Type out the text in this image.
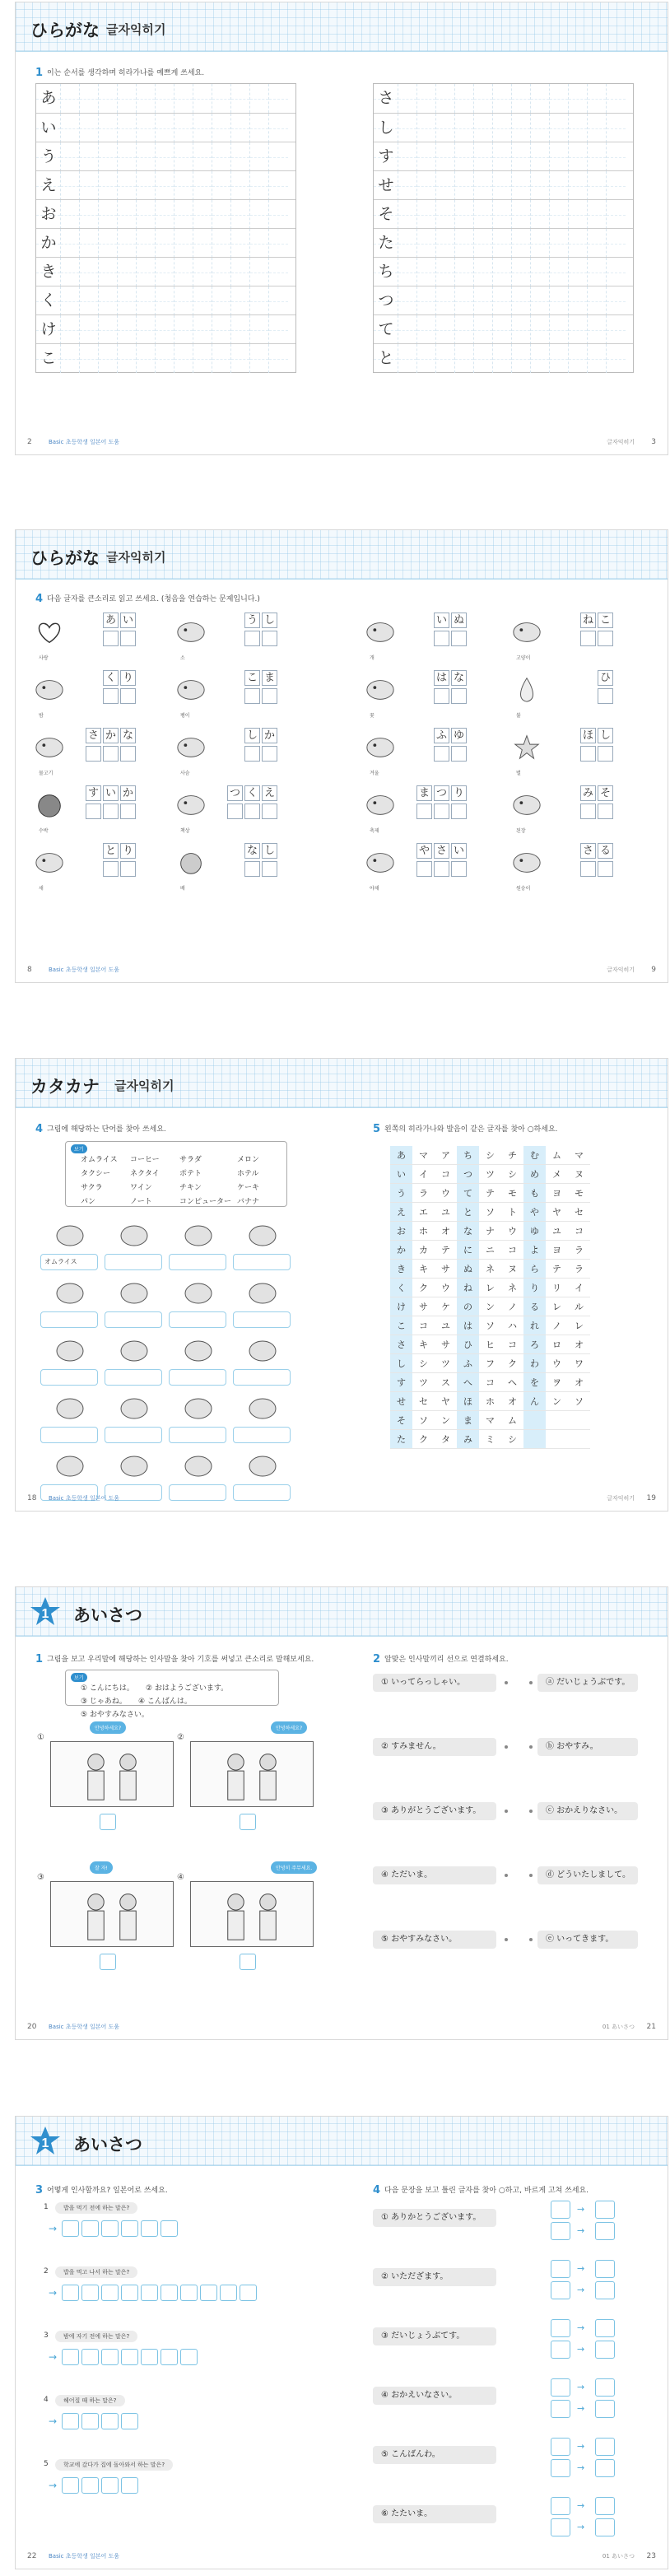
ひらがな 글자익히기
1 이는 순서를 생각하며 히라가나를 예쁘게 쓰세요.
あ
い
う
え
お
か
き
く
け
こ
さ
し
す
せ
そ
た
ち
つ
て
と
2	Basic 초등학생 일본어 도움	글자익히기 3
ひらがな 글자익히기
4 다음 글자를 큰소리로 읽고 쓰세요. (청음을 연습하는 문제입니다.)
あ い
사랑
う し
소
い ぬ
개
ね こ
고양이
く り
밤
こ ま
팽이
は な
꽃
ひ
불
さ か な
물고기
し か
사슴
ふ ゆ
겨울
ほ し
별
す い か
수박
つ く え
책상
ま つ り
축제
み そ
된장
と り
새
な し
배
や さ い
야채
さ る
원숭이
8	Basic 초등학생 일본어 도움	글자익히기 9
カタカナ 글자익히기
4 그림에 해당하는 단어를 찾아 쓰세요.
보기
オムライス	コーヒー	サラダ	メロン
タクシー	ネクタイ	ポテト	ホテル
サクラ	ワイン	チキン	ケーキ
パン	ノート	コンピューター バナナ
オムライス
5 왼쪽의 히라가나와 발음이 같은 글자를 찾아 ○하세요.
あ	マ	ア	ち	シ	チ	む	ム	マ
い	イ	コ	つ	ツ	シ	め	メ	ヌ
う	ラ	ウ	て	テ	モ	も	ヨ	モ
え	エ	ユ	と	ソ	ト	や	ヤ	セ
お	ホ	オ	な	ナ	ウ	ゆ	ユ	コ
か	カ	テ	に	ニ	コ	よ	ヨ	ラ
き	キ	サ	ぬ	ネ	ヌ	ら	テ	ラ
く	ク	ウ	ね	レ	ネ	り	リ	イ
け	サ	ケ	の	ン	ノ	る	レ	ル
こ	コ	ユ	は	ソ	ハ	れ	ノ	レ
さ	キ	サ	ひ	ヒ	コ	ろ	ロ	オ
し	シ	ツ	ふ	フ	ク	わ	ウ	ワ
す	ツ	ス	へ	コ	ヘ	を	ヲ	オ
せ	セ	ヤ	ほ	ホ	オ	ん	ン	ソ
そ	ソ	ン	ま	マ	ム
た	ク	タ	み	ミ	シ
18 Basic 초등학생 일본어 도움	글자익히기 19
1 あいさつ
1 그림을 보고 우리말에 해당하는 인사말을 찾아 기호를 써넣고 큰소리로 말해보세요.
보기
① こんにちは。 ② おはようございます。
③ じゃあね。 ④ こんばんは。
⑤ おやすみなさい。
①
안녕하세요?
②
안녕하세요?
③
잘 자!
④
안녕히 주무세요.
2 알맞은 인사말끼리 선으로 연결하세요.
① いってらっしゃい。	ⓐ だいじょうぶです。
② すみません。	ⓑ おやすみ。
③ ありがとうございます。	ⓒ おかえりなさい。
④ ただいま。	ⓓ どういたしまして。
⑤ おやすみなさい。	ⓔ いってきます。
20 Basic 초등학생 일본어 도움	01 あいさつ 21
1 あいさつ
3 어떻게 인사할까요? 일본어로 쓰세요.
1	밥을 먹기 전에 하는 말은?
→
2	밥을 먹고 나서 하는 말은?
→
3	밤에 자기 전에 하는 말은?
→
4	헤어질 때 하는 말은?
→
5	학교에 갔다가 집에 돌아와서 하는 말은?
→
4 다음 문장을 보고 틀린 글자를 찾아 ○하고, 바르게 고쳐 쓰세요.
① ありかとうございます。
→
→
② いただざます。
→
→
③ だいじょうぶてす。
→
→
④ おかえいなさい。
→
→
⑤ こんばんわ。
→
→
⑥ たたいま。
→
→
22 Basic 초등학생 일본어 도움	01 あいさつ 23
